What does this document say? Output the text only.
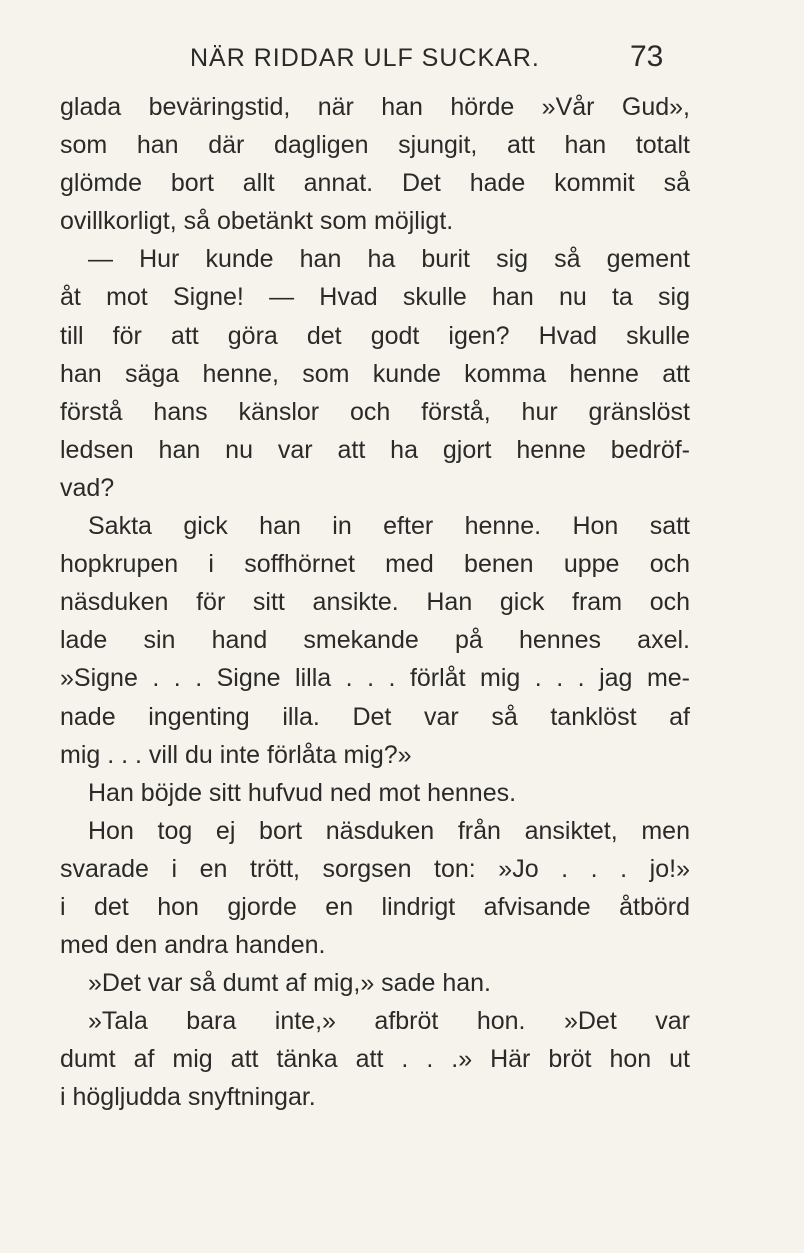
NÄR RIDDAR ULF SUCKAR.	73
glada beväringstid, när han hörde »Vår Gud»,
som han där dagligen sjungit, att han totalt
glömde bort allt annat. Det hade kommit så
ovillkorligt, så obetänkt som möjligt.
— Hur kunde han ha burit sig så gement
åt mot Signe! — Hvad skulle han nu ta sig
till för att göra det godt igen? Hvad skulle
han säga henne, som kunde komma henne att
förstå hans känslor och förstå, hur gränslöst
ledsen han nu var att ha gjort henne bedröf-
vad?
Sakta gick han in efter henne. Hon satt
hopkrupen i soffhörnet med benen uppe och
näsduken för sitt ansikte. Han gick fram och
lade sin hand smekande på hennes axel.
»Signe . . . Signe lilla . . . förlåt mig . . . jag me-
nade ingenting illa. Det var så tanklöst af
mig . . . vill du inte förlåta mig?»
Han böjde sitt hufvud ned mot hennes.
Hon tog ej bort näsduken från ansiktet, men
svarade i en trött, sorgsen ton: »Jo . . . jo!»
i det hon gjorde en lindrigt afvisande åtbörd
med den andra handen.
»Det var så dumt af mig,» sade han.
»Tala bara inte,» afbröt hon. »Det var
dumt af mig att tänka att . . .» Här bröt hon ut
i högljudda snyftningar.
